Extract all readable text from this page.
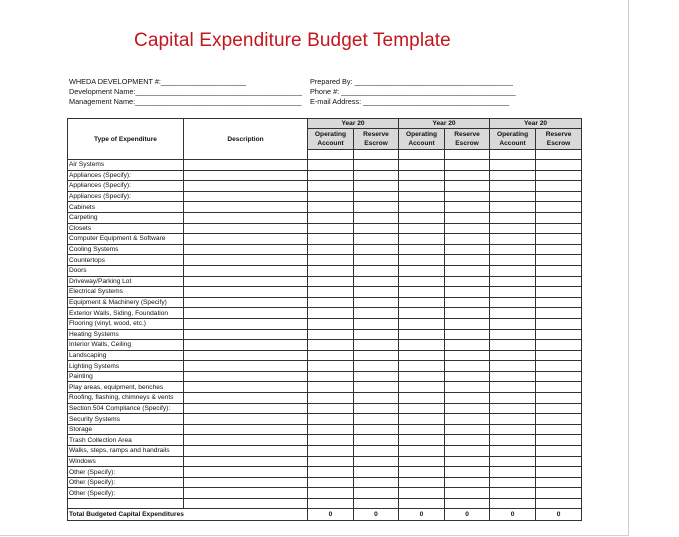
Capital Expenditure Budget Template
WHEDA DEVELOPMENT #:_____________________
Development Name:_________________________________________
Management Name:_________________________________________
Prepared By: _______________________________________
Phone #: ___________________________________________
E-mail Address: ____________________________________
Type of Expenditure	Description	Year 20		Year 20		Year 20	
		Operating Account	Reserve Escrow	Operating Account	Reserve Escrow	Operating Account	Reserve Escrow

Air Systems							
Appliances (Specify):							
Appliances (Specify):							
Appliances (Specify):							
Cabinets							
Carpeting							
Closets							
Computer Equipment & Software							
Cooling Systems							
Countertops							
Doors							
Driveway/Parking Lot							
Electrical Systems							
Equipment & Machinery (Specify)							
Exterior Walls, Siding, Foundation							
Flooring (vinyl, wood, etc.)							
Heating Systems							
Interior Walls, Ceiling							
Landscaping							
Lighting Systems							
Painting							
Play areas, equipment, benches							
Roofing, flashing, chimneys & vents							
Section 504 Compliance (Specify):							
Security Systems							
Storage							
Trash Collection Area							
Walks, steps, ramps and handrails							
Windows							
Other (Specify):							
Other (Specify):							
Other (Specify):							

Total Budgeted Capital Expenditures		0	0	0	0	0	0
